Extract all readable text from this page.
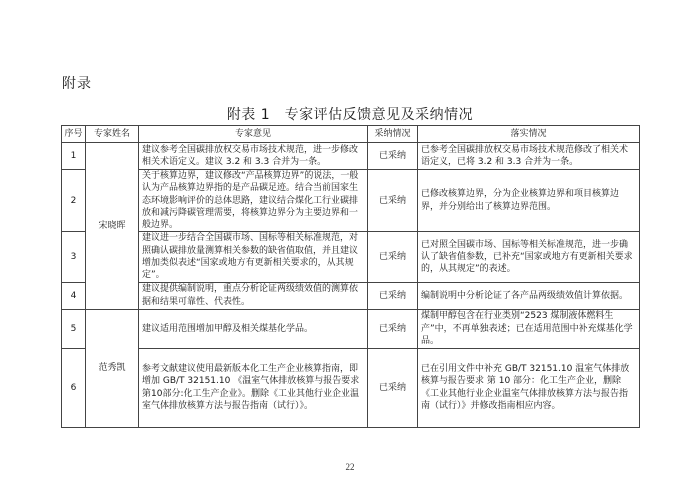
附录
附表 1　专家评估反馈意见及采纳情况
序号	专家姓名	专家意见	采纳情况	落实情况
1	宋晓晖	建议参考全国碳排放权交易市场技术规范，进一步修改相关术语定义。建议 3.2 和 3.3 合并为一条。	已采纳	已参考全国碳排放权交易市场技术规范修改了相关术语定义，已将 3.2 和 3.3 合并为一条。
2		关于核算边界，建议修改“产品核算边界”的说法，一般认为产品核算边界指的是产品碳足迹。结合当前国家生态环境影响评价的总体思路，建议结合煤化工行业碳排放和减污降碳管理需要，将核算边界分为主要边界和一般边界。	已采纳	已修改核算边界，分为企业核算边界和项目核算边界，并分别给出了核算边界范围。
3		建议进一步结合全国碳市场、国标等相关标准规范，对照确认碳排放量测算相关参数的缺省值取值，并且建议增加类似表述“国家或地方有更新相关要求的，从其规定”。	已采纳	已对照全国碳市场、国标等相关标准规范，进一步确认了缺省值参数，已补充“国家或地方有更新相关要求的，从其规定”的表述。
4		建议提供编制说明，重点分析论证两级绩效值的测算依据和结果可靠性、代表性。	已采纳	编制说明中分析论证了各产品两级绩效值计算依据。
5	范秀凯	建议适用范围增加甲醇及相关煤基化学品。	已采纳	煤制甲醇包含在行业类别“2523 煤制液体燃料生产”中，不再单独表述；已在适用范围中补充煤基化学品。
6		参考文献建议使用最新版本化工生产企业核算指南，即增加 GB/T 32151.10 《温室气体排放核算与报告要求 第10部分:化工生产企业》。删除《工业其他行业企业温室气体排放核算方法与报告指南（试行）》。	已采纳	已在引用文件中补充 GB/T 32151.10 温室气体排放核算与报告要求 第 10 部分：化工生产企业，删除《工业其他行业企业温室气体排放核算方法与报告指南（试行）》并修改指南相应内容。
22
